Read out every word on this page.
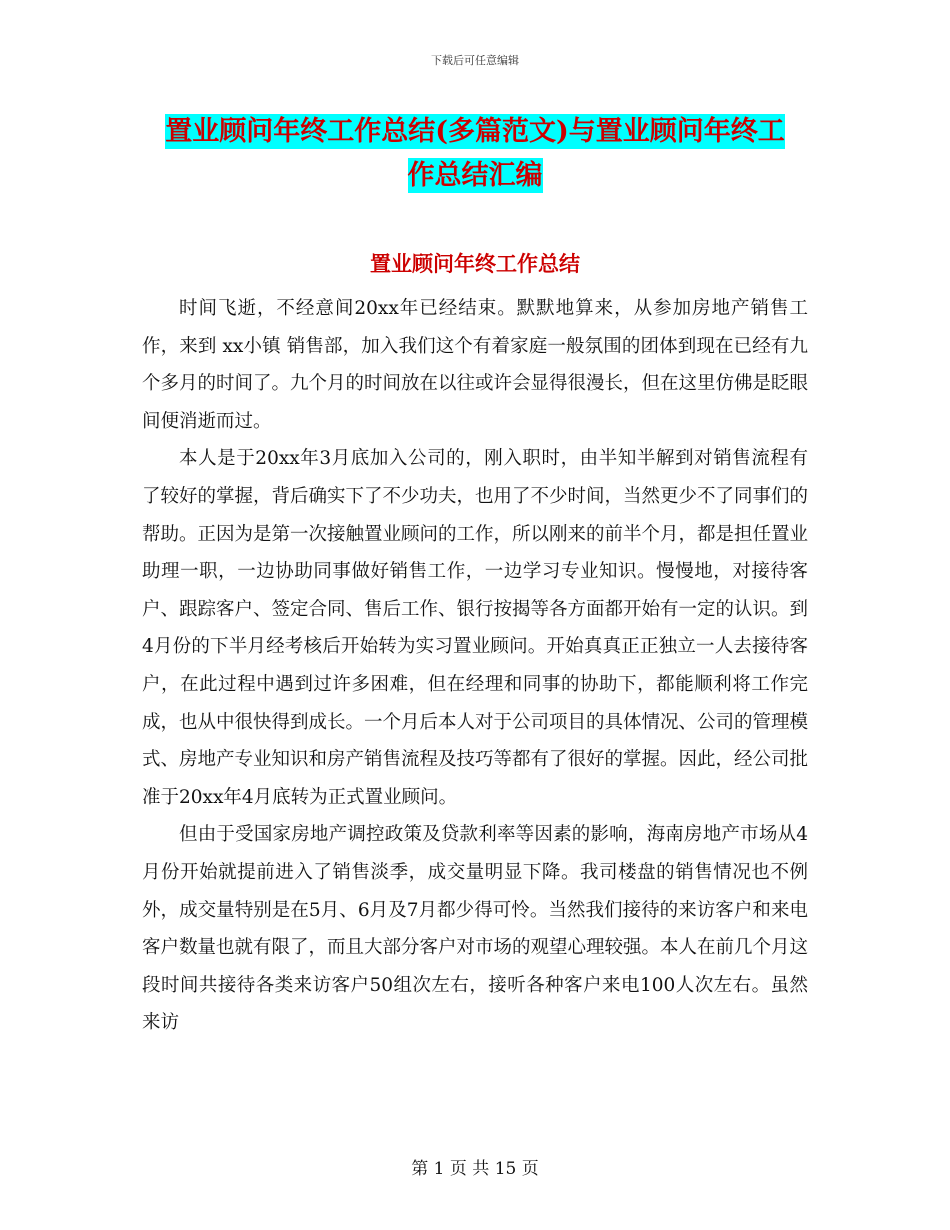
下载后可任意编辑
置业顾问年终工作总结(多篇范文)与置业顾问年终工
作总结汇编
置业顾问年终工作总结

时间飞逝，不经意间20xx年已经结束。默默地算来，从参加房地产销售工作，来到 xx小镇 销售部，加入我们这个有着家庭一般氛围的团体到现在已经有九个多月的时间了。九个月的时间放在以往或许会显得很漫长，但在这里仿佛是眨眼间便消逝而过。

本人是于20xx年3月底加入公司的，刚入职时，由半知半解到对销售流程有了较好的掌握，背后确实下了不少功夫，也用了不少时间，当然更少不了同事们的帮助。正因为是第一次接触置业顾问的工作，所以刚来的前半个月，都是担任置业助理一职，一边协助同事做好销售工作，一边学习专业知识。慢慢地，对接待客户、跟踪客户、签定合同、售后工作、银行按揭等各方面都开始有一定的认识。到4月份的下半月经考核后开始转为实习置业顾问。开始真真正正独立一人去接待客户，在此过程中遇到过许多困难，但在经理和同事的协助下，都能顺利将工作完成，也从中很快得到成长。一个月后本人对于公司项目的具体情况、公司的管理模式、房地产专业知识和房产销售流程及技巧等都有了很好的掌握。因此，经公司批准于20xx年4月底转为正式置业顾问。

但由于受国家房地产调控政策及贷款利率等因素的影响，海南房地产市场从4月份开始就提前进入了销售淡季，成交量明显下降。我司楼盘的销售情况也不例外，成交量特别是在5月、6月及7月都少得可怜。当然我们接待的来访客户和来电客户数量也就有限了，而且大部分客户对市场的观望心理较强。本人在前几个月这段时间共接待各类来访客户50组次左右，接听各种客户来电100人次左右。虽然来访

第 1 页 共 15 页
